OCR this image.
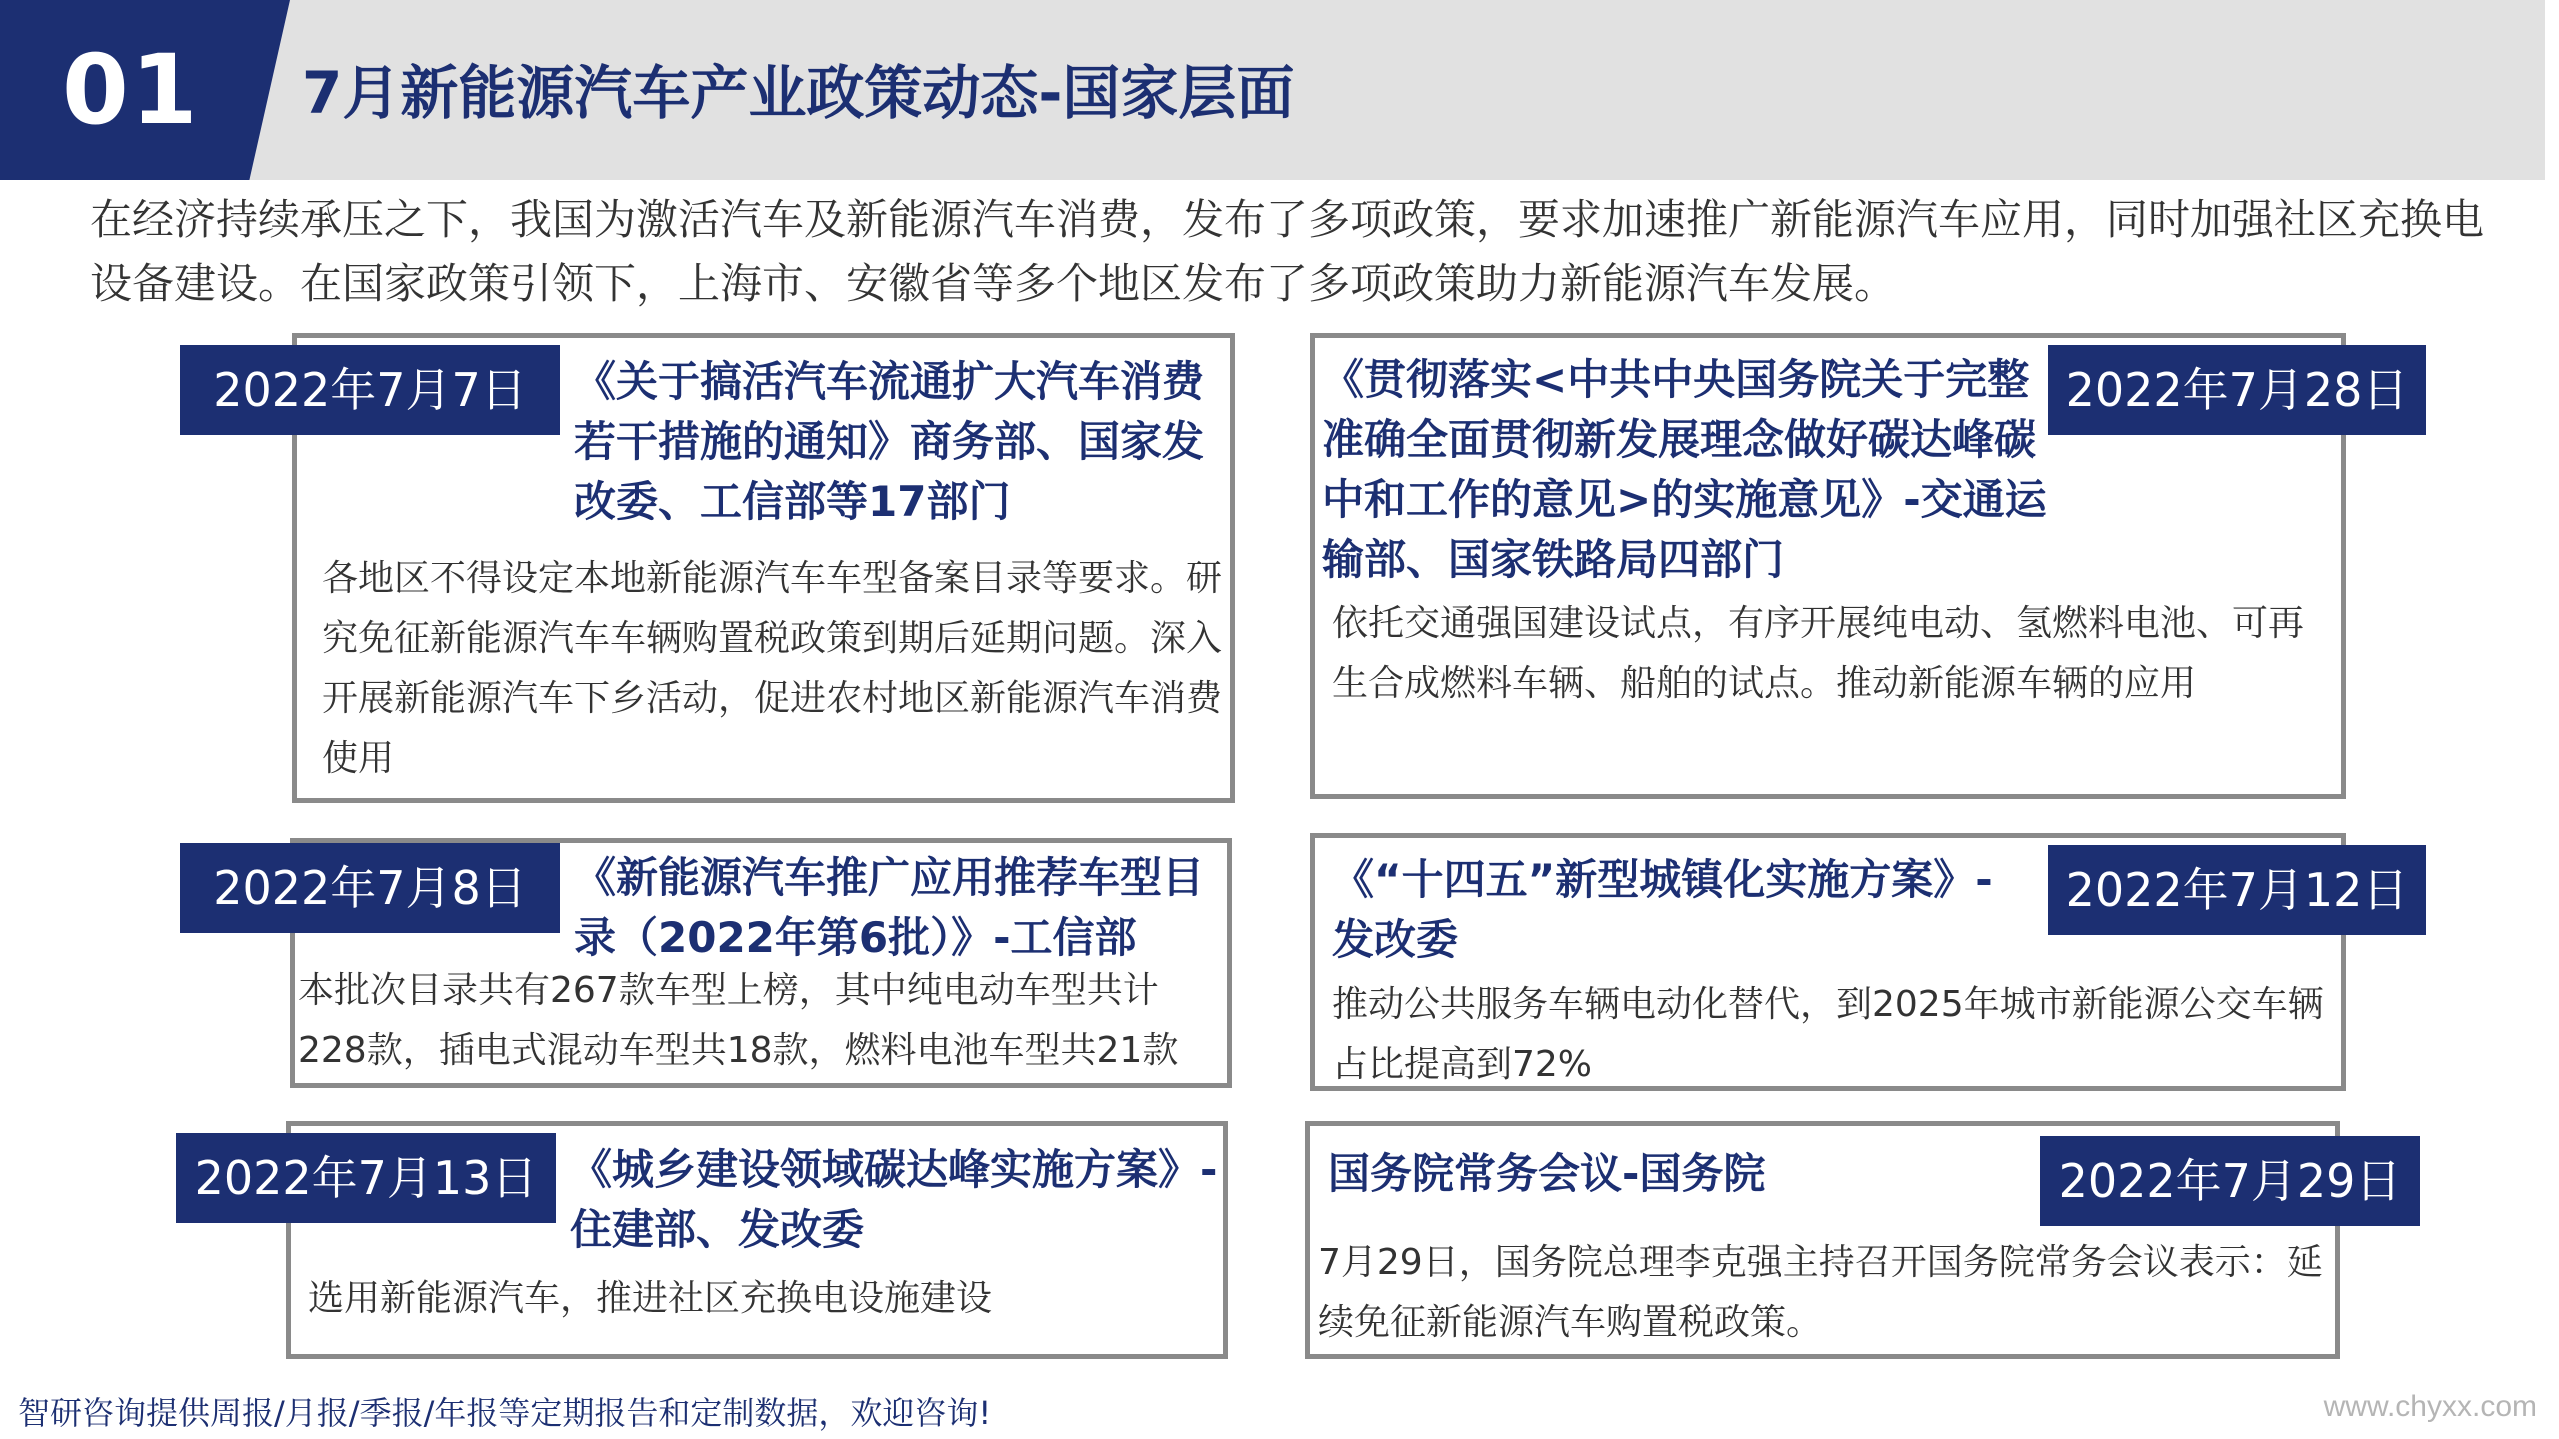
01 7月新能源汽车产业政策动态-国家层面
在经济持续承压之下，我国为激活汽车及新能源汽车消费，发布了多项政策，要求加速推广新能源汽车应用，同时加强社区充换电设备建设。在国家政策引领下，上海市、安徽省等多个地区发布了多项政策助力新能源汽车发展。
2022年7月7日	《关于搞活汽车流通扩大汽车消费若干措施的通知》商务部、国家发改委、工信部等17部门
各地区不得设定本地新能源汽车车型备案目录等要求。研究免征新能源汽车车辆购置税政策到期后延期问题。深入开展新能源汽车下乡活动，促进农村地区新能源汽车消费使用
2022年7月28日
《贯彻落实<中共中央国务院关于完整准确全面贯彻新发展理念做好碳达峰碳中和工作的意见>的实施意见》-交通运输部、国家铁路局四部门
依托交通强国建设试点，有序开展纯电动、氢燃料电池、可再生合成燃料车辆、船舶的试点。推动新能源车辆的应用
2022年7月8日	《新能源汽车推广应用推荐车型目录（2022年第6批）》-工信部
本批次目录共有267款车型上榜，其中纯电动车型共计228款，插电式混动车型共18款，燃料电池车型共21款
2022年7月12日
《“十四五”新型城镇化实施方案》-发改委
推动公共服务车辆电动化替代，到2025年城市新能源公交车辆占比提高到72%
2022年7月13日 《城乡建设领域碳达峰实施方案》-住建部、发改委
选用新能源汽车，推进社区充换电设施建设
2022年7月29日
国务院常务会议-国务院
7月29日，国务院总理李克强主持召开国务院常务会议表示：延续免征新能源汽车购置税政策。
智研咨询提供周报/月报/季报/年报等定期报告和定制数据，欢迎咨询!	www.chyxx.com
